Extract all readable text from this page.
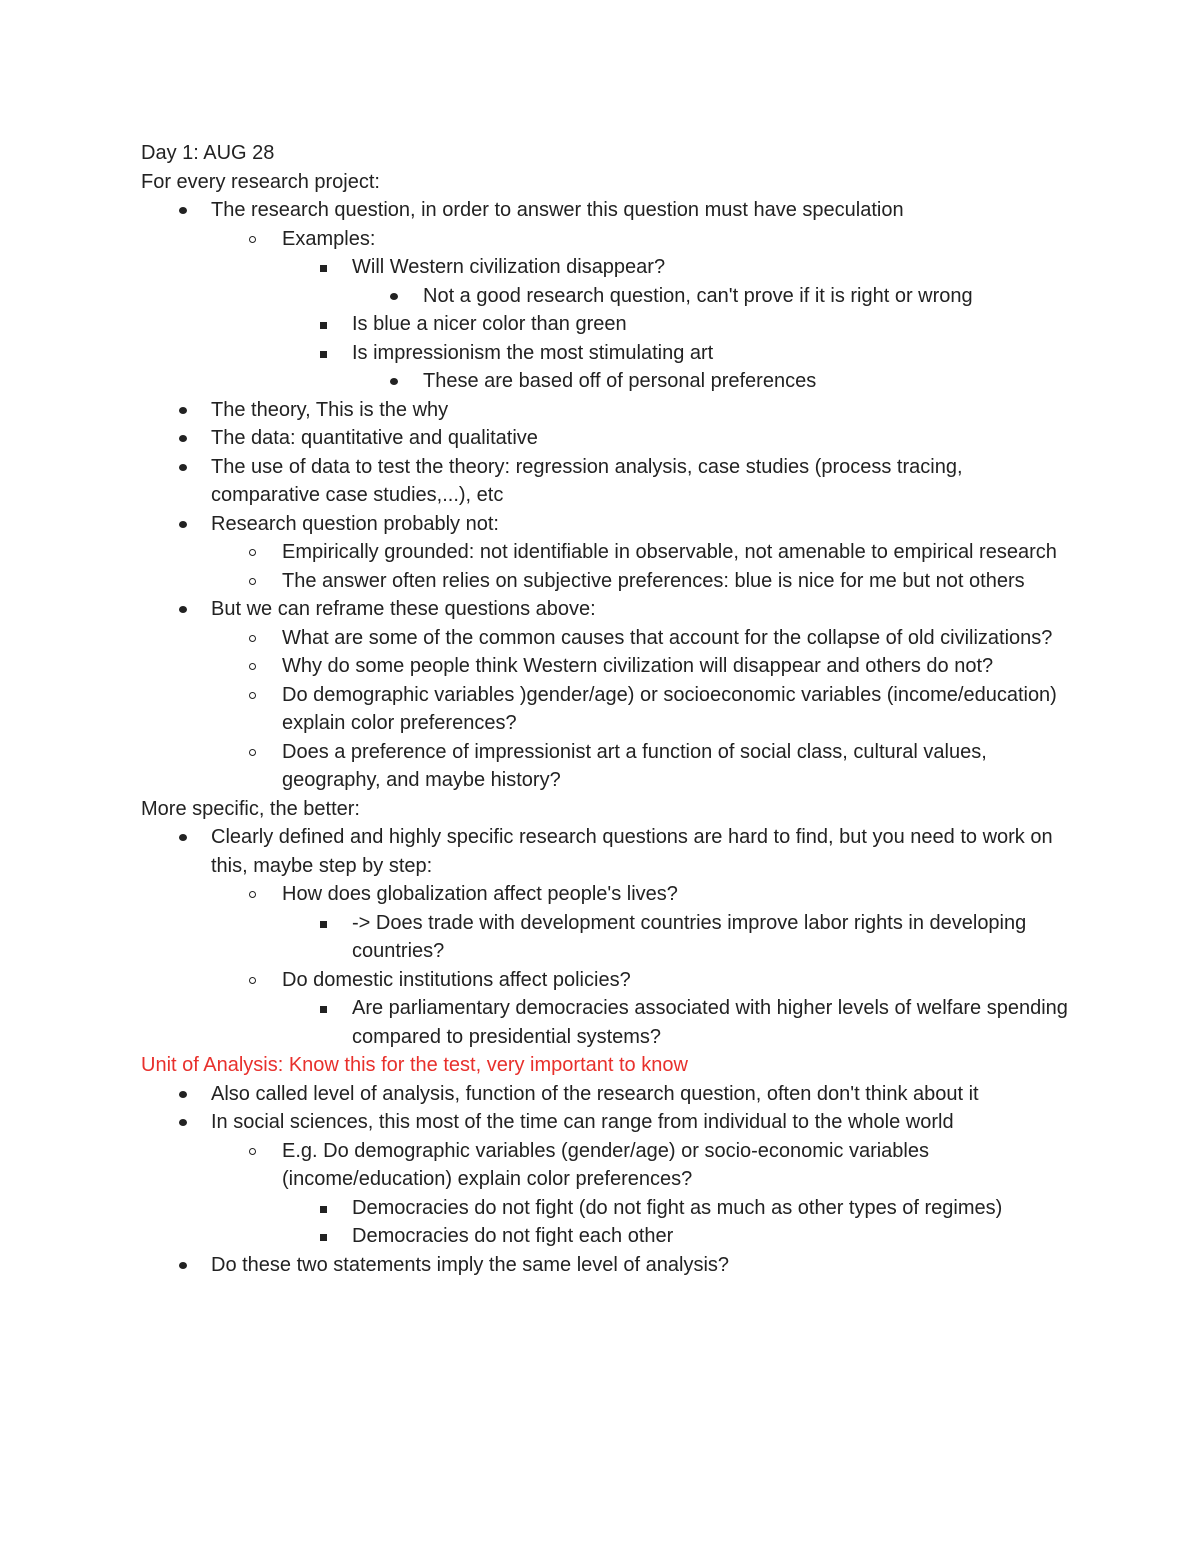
Day 1: AUG 28

For every research project:

The research question, in order to answer this question must have speculation
Examples:
Will Western civilization disappear?
Not a good research question, can't prove if it is right or wrong
Is blue a nicer color than green
Is impressionism the most stimulating art
These are based off of personal preferences
The theory, This is the why
The data: quantitative and qualitative
The use of data to test the theory: regression analysis, case studies (process tracing, comparative case studies,...), etc
Research question probably not:
Empirically grounded: not identifiable in observable, not amenable to empirical research
The answer often relies on subjective preferences: blue is nice for me but not others
But we can reframe these questions above:
What are some of the common causes that account for the collapse of old civilizations?
Why do some people think Western civilization will disappear and others do not?
Do demographic variables )gender/age) or socioeconomic variables (income/education) explain color preferences?
Does a preference of impressionist art a function of social class, cultural values, geography, and maybe history?

More specific, the better:

Clearly defined and highly specific research questions are hard to find, but you need to work on this, maybe step by step:
How does globalization affect people's lives?
-> Does trade with development countries improve labor rights in developing countries?
Do domestic institutions affect policies?
Are parliamentary democracies associated with higher levels of welfare spending compared to presidential systems?

Unit of Analysis: Know this for the test, very important to know

Also called level of analysis, function of the research question, often don't think about it
In social sciences, this most of the time can range from individual to the whole world
E.g. Do demographic variables (gender/age) or socio-economic variables (income/education) explain color preferences?
Democracies do not fight (do not fight as much as other types of regimes)
Democracies do not fight each other
Do these two statements imply the same level of analysis?
